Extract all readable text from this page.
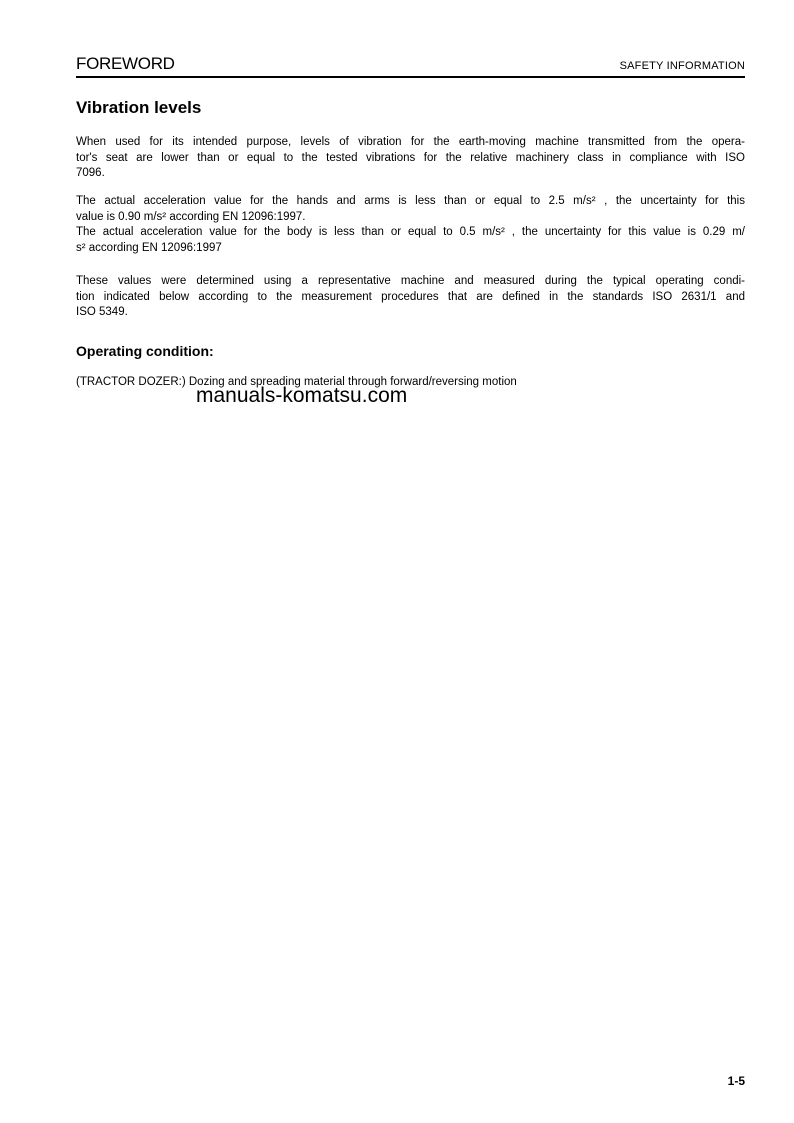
FOREWORD	SAFETY INFORMATION
Vibration levels
When used for its intended purpose, levels of vibration for the earth-moving machine transmitted from the opera-
tor's seat are lower than or equal to the tested vibrations for the relative machinery class in compliance with ISO
7096.
The actual acceleration value for the hands and arms is less than or equal to 2.5 m/s² , the uncertainty for this
value is 0.90 m/s² according EN 12096:1997.
The actual acceleration value for the body is less than or equal to 0.5 m/s² , the uncertainty for this value is 0.29 m/
s² according EN 12096:1997
These values were determined using a representative machine and measured during the typical operating condi-
tion indicated below according to the measurement procedures that are defined in the standards ISO 2631/1 and
ISO 5349.
Operating condition:
(TRACTOR DOZER:) Dozing and spreading material through forward/reversing motion
manuals-komatsu.com
1-5
